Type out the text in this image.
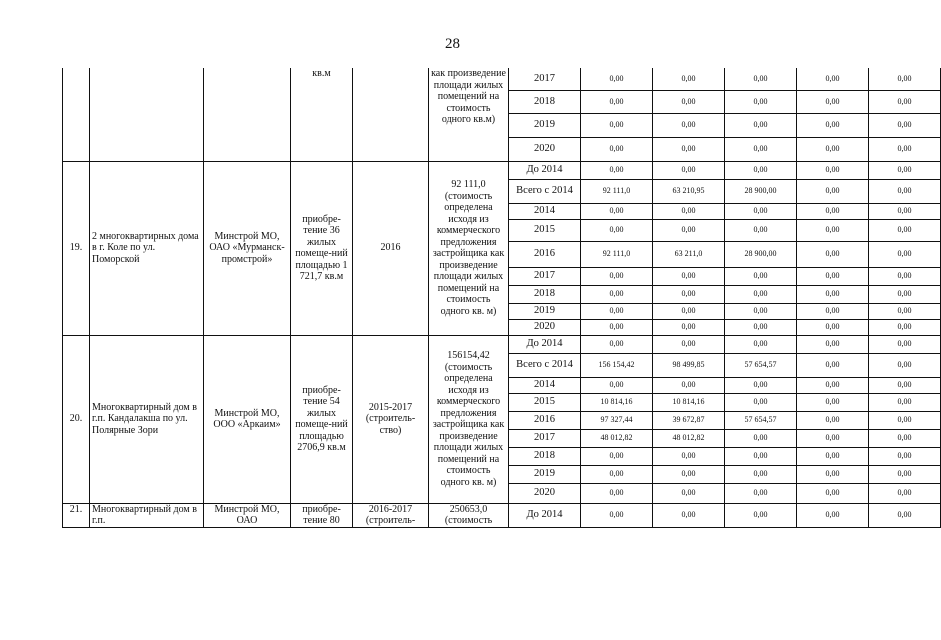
28
			кв.м		как произведение площади жилых помещений на стоимость одного кв.м)	2017	0,00	0,00	0,00	0,00	0,00
						2018	0,00	0,00	0,00	0,00	0,00
						2019	0,00	0,00	0,00	0,00	0,00
						2020	0,00	0,00	0,00	0,00	0,00
19.	2 многоквартирных дома в г. Коле по ул. Поморской	Минстрой МО, ОАО «Мурманск-промстрой»	приобре-тение 36 жилых помеще-ний площадью 1 721,7 кв.м	2016	92 111,0 (стоимость определена исходя из коммерческого предложения застройщика как произведение площади жилых помещений на стоимость одного кв. м)	До 2014	0,00	0,00	0,00	0,00	0,00
						Всего с 2014	92 111,0	63 210,95	28 900,00	0,00	0,00
						2014	0,00	0,00	0,00	0,00	0,00
						2015	0,00	0,00	0,00	0,00	0,00
						2016	92 111,0	63 211,0	28 900,00	0,00	0,00
						2017	0,00	0,00	0,00	0,00	0,00
						2018	0,00	0,00	0,00	0,00	0,00
						2019	0,00	0,00	0,00	0,00	0,00
						2020	0,00	0,00	0,00	0,00	0,00
20.	Многоквартирный дом в г.п. Кандалакша по ул. Полярные Зори	Минстрой МО, ООО «Аркаим»	приобре-тение 54 жилых помеще-ний площадью 2706,9 кв.м	2015-2017 (строитель-ство)	156154,42 (стоимость определена исходя из коммерческого предложения застройщика как произведение площади жилых помещений на стоимость одного кв. м)	До 2014	0,00	0,00	0,00	0,00	0,00
						Всего с 2014	156 154,42	98 499,85	57 654,57	0,00	0,00
						2014	0,00	0,00	0,00	0,00	0,00
						2015	10 814,16	10 814,16	0,00	0,00	0,00
						2016	97 327,44	39 672,87	57 654,57	0,00	0,00
						2017	48 012,82	48 012,82	0,00	0,00	0,00
						2018	0,00	0,00	0,00	0,00	0,00
						2019	0,00	0,00	0,00	0,00	0,00
						2020	0,00	0,00	0,00	0,00	0,00
21.	Многоквартирный дом в г.п.	Минстрой МО, ОАО	приобре-тение 80	2016-2017 (строитель-	250653,0 (стоимость	До 2014	0,00	0,00	0,00	0,00	0,00
